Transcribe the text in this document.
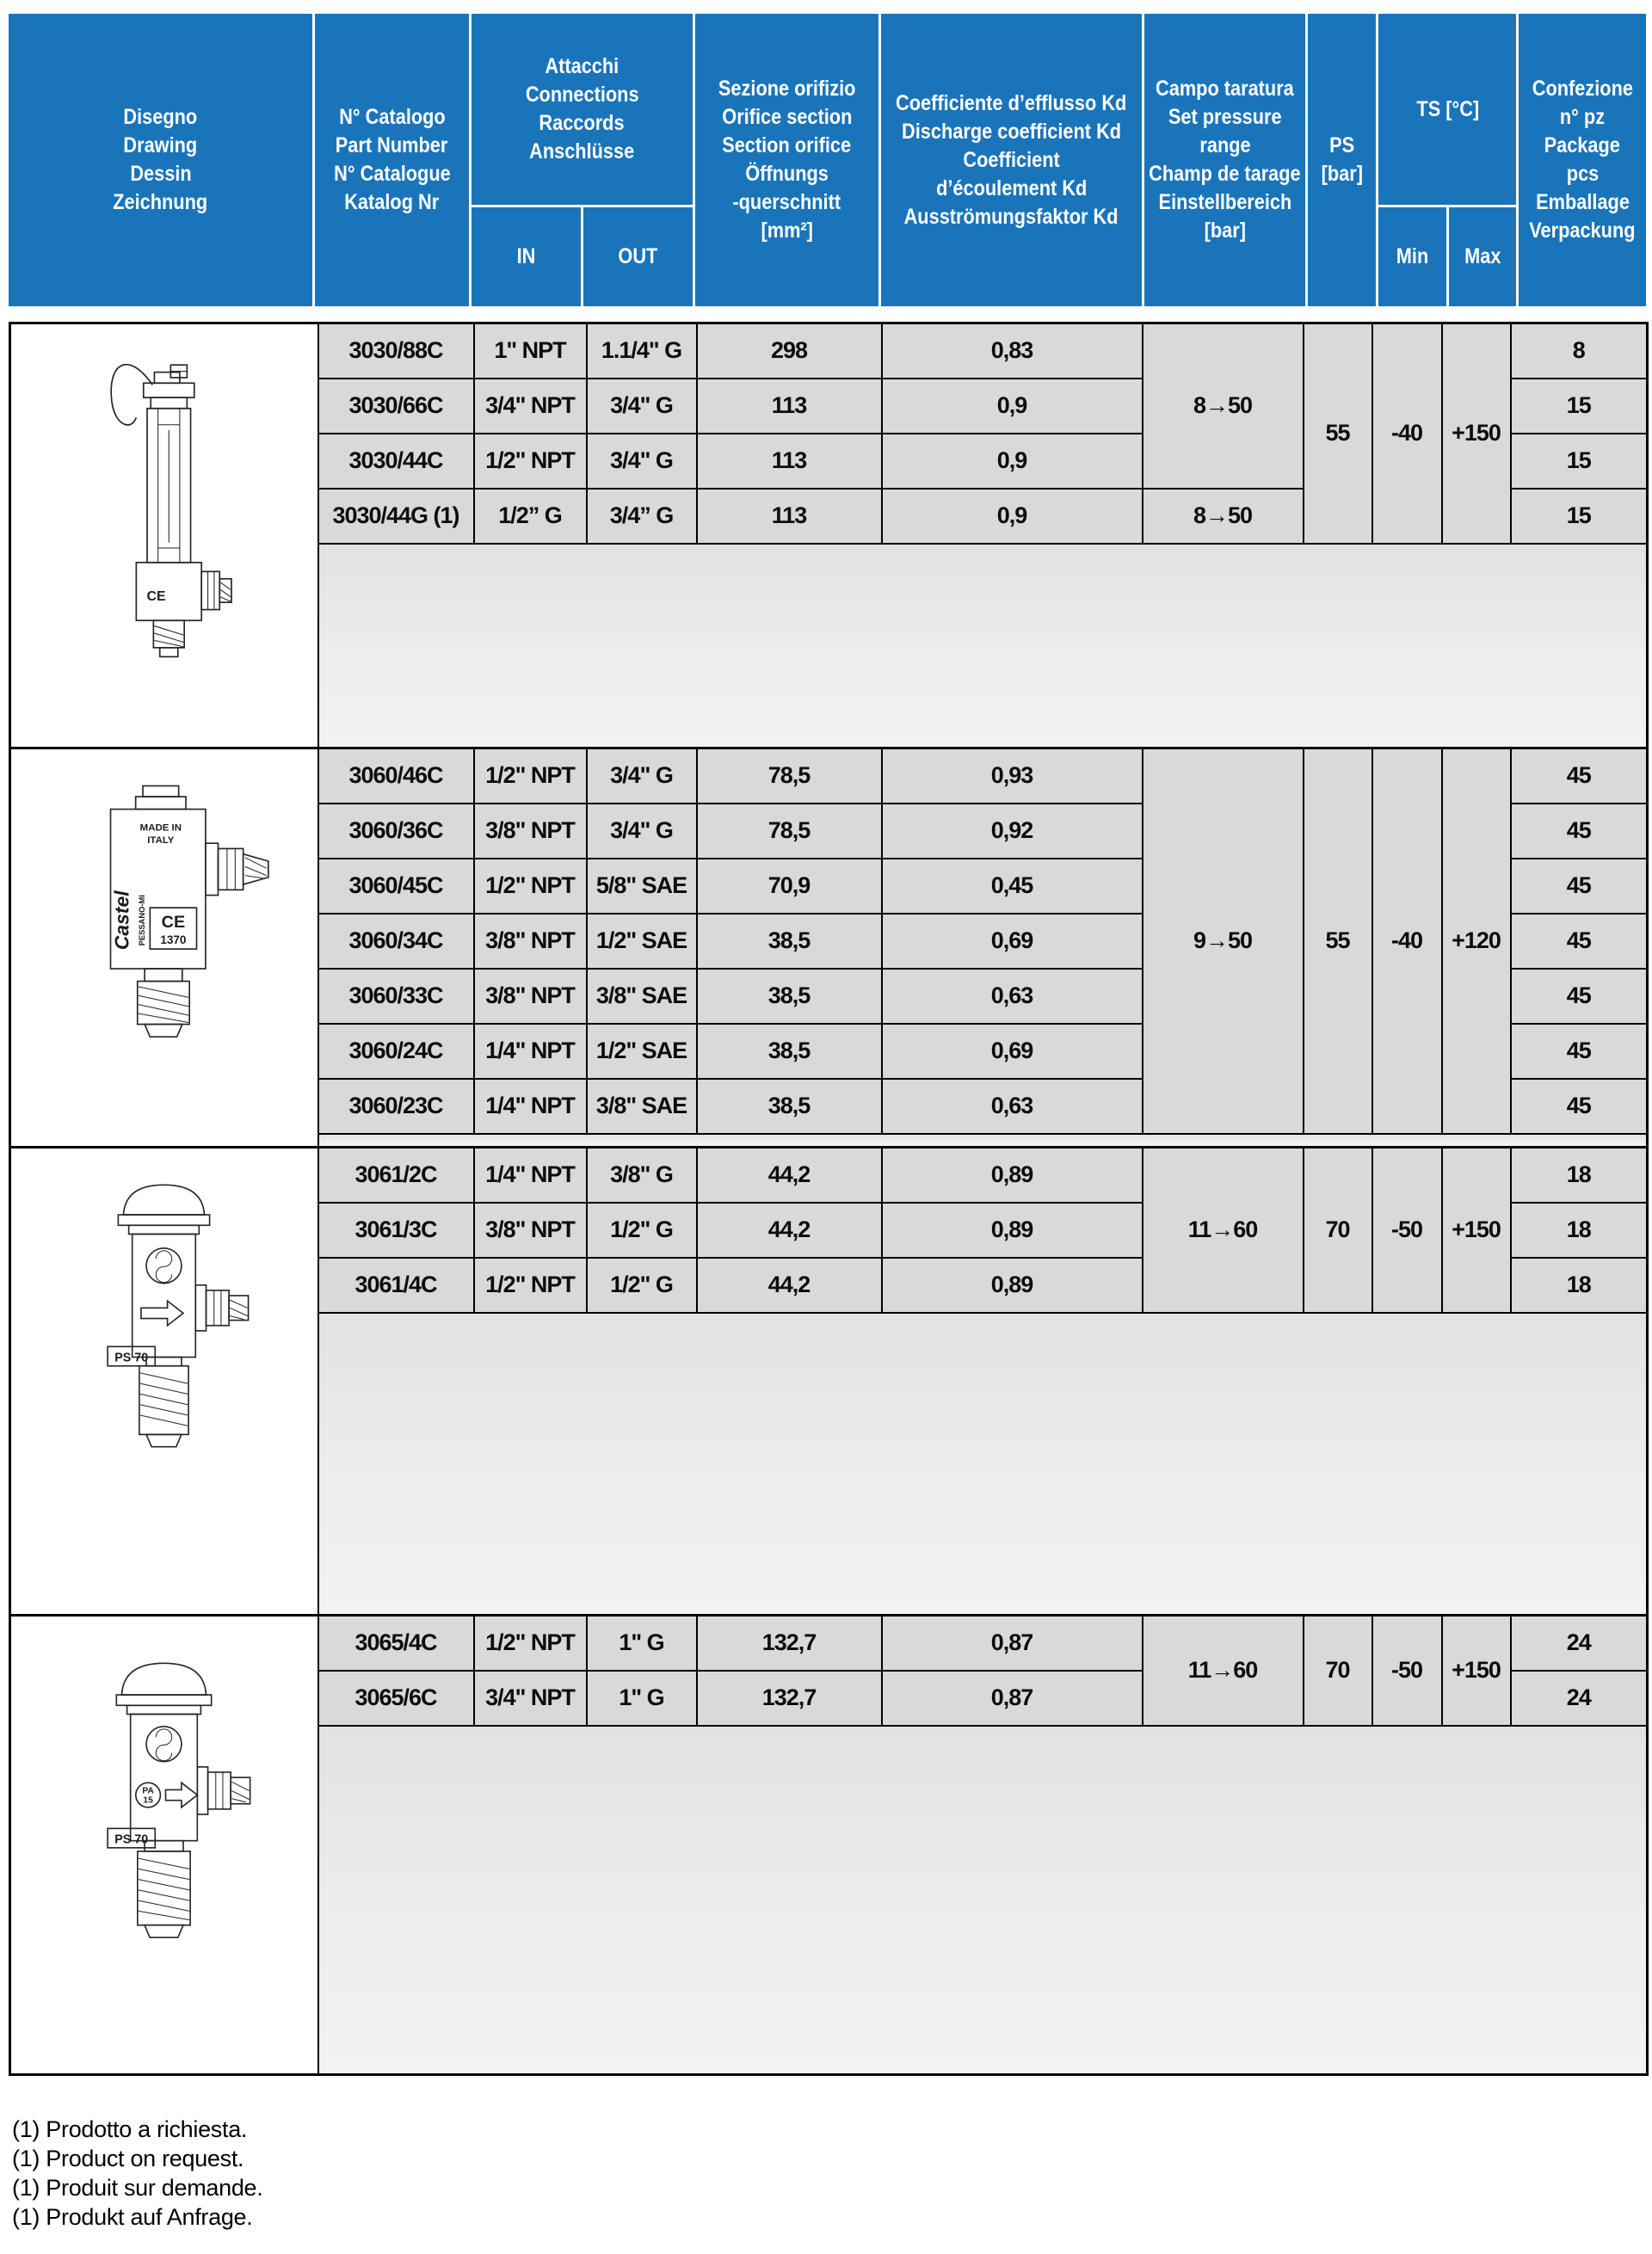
Disegno
Drawing
Dessin
Zeichnung
N° Catalogo
Part Number
N° Catalogue
Katalog Nr
Attacchi
Connections
Raccords
Anschlüsse
IN	OUT
Sezione orifizio
Orifice section
Section orifice
Öffnungs
-querschnitt
[mm²]
Coefficiente d’efflusso Kd
Discharge coefficient Kd
Coefficient
d’écoulement Kd
Ausströmungsfaktor Kd
Campo taratura
Set pressure
range
Champ de tarage
Einstellbereich
[bar]
PS
[bar]
TS [°C]
Min Max
Confezione
n° pz
Package
pcs
Emballage
Verpackung
CE	3030/88C	1" NPT	1.1/4" G	298	0,83	8→50	55	-40	+150	8
	3030/66C	3/4" NPT	3/4" G	113	0,9					15
	3030/44C	1/2" NPT	3/4" G	113	0,9					15
	3030/44G (1)	1/2” G	3/4” G	113	0,9	8→50				15

MADE IN
ITALY
Castel PESSANO-MI CE
1370
	3060/46C	1/2" NPT	3/4" G	78,5	0,93	9→50	55	-40	+120	45
	3060/36C	3/8" NPT	3/4" G	78,5	0,92					45
	3060/45C	1/2" NPT	5/8" SAE	70,9	0,45					45
	3060/34C	3/8" NPT	1/2" SAE	38,5	0,69					45
	3060/33C	3/8" NPT	3/8" SAE	38,5	0,63					45
	3060/24C	1/4" NPT	1/2" SAE	38,5	0,69					45
	3060/23C	1/4" NPT	3/8" SAE	38,5	0,63					45

PS 70	3061/2C	1/4" NPT	3/8" G	44,2	0,89	11→60	70	-50	+150	18
	3061/3C	3/8" NPT	1/2" G	44,2	0,89					18
	3061/4C	1/2" NPT	1/2" G	44,2	0,89					18

PA
15
PS 70	3065/4C	1/2" NPT	1" G	132,7	0,87	11→60	70	-50	+150	24
	3065/6C	3/4" NPT	1" G	132,7	0,87					24

(1) Prodotto a richiesta.
(1) Product on request.
(1) Produit sur demande.
(1) Produkt auf Anfrage.
